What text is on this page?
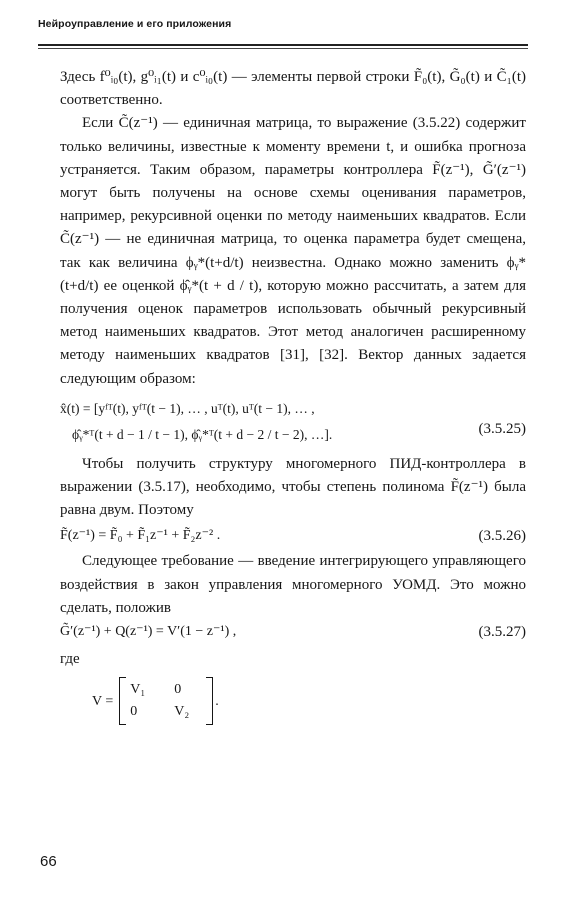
Нейроуправление и его приложения

Здесь f⁰ᵢ₀(t), g⁰ᵢ₁(t) и c⁰ᵢ₀(t) — элементы первой строки F̃₀(t), G̃₀(t) и C̃₁(t) соответственно.

Если C̃(z⁻¹) — единичная матрица, то выражение (3.5.22) содержит только величины, известные к моменту времени t, и ошибка прогноза устраняется. Таким образом, параметры контроллера F̃(z⁻¹), G̃′(z⁻¹) могут быть получены на основе схемы оценивания параметров, например, рекурсивной оценки по методу наименьших квадратов. Если C̃(z⁻¹) — не единичная матрица, то оценка параметра будет смещена, так как величина ϕᵧ*(t+d/t) неизвестна. Однако можно заменить ϕᵧ*(t+d/t) ее оценкой ϕ̂ᵧ*(t + d / t), которую можно рассчитать, а затем для получения оценок параметров использовать обычный рекурсивный метод наименьших квадратов. Этот метод аналогичен расширенному методу наименьших квадратов [31], [32]. Вектор данных задается следующим образом:

x̂(t) = [yᶠᵀ(t), yᶠᵀ(t − 1), … , uᵀ(t), uᵀ(t − 1), … ,
ϕ̂ᵧ*ᵀ(t + d − 1 / t − 1), ϕ̂ᵧ*ᵀ(t + d − 2 / t − 2), …].	(3.5.25)

Чтобы получить структуру многомерного ПИД-контроллера в выражении (3.5.17), необходимо, чтобы степень полинома F̃(z⁻¹) была равна двум. Поэтому

F̃(z⁻¹) = F̃₀ + F̃₁z⁻¹ + F̃₂z⁻² .	(3.5.26)

Следующее требование — введение интегрирующего управляющего воздействия в закон управления многомерного УОМД. Это можно сделать, положив

G̃′(z⁻¹) + Q(z⁻¹) = V′(1 − z⁻¹) ,	(3.5.27)

где

V =
V₁	0
0	V₂
.
66
